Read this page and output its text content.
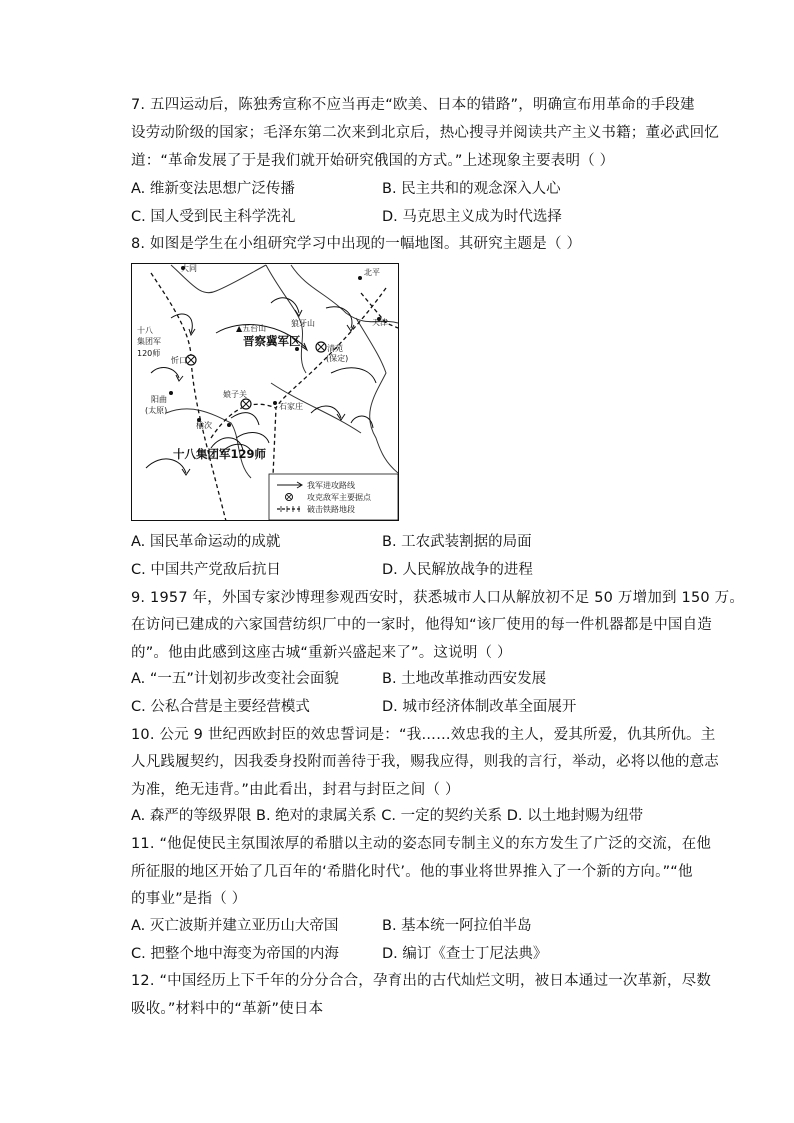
7. 五四运动后，陈独秀宣称不应当再走“欧美、日本的错路”，明确宣布用革命的手段建
设劳动阶级的国家；毛泽东第二次来到北京后，热心搜寻并阅读共产主义书籍；董必武回忆
道：“革命发展了于是我们就开始研究俄国的方式。”上述现象主要表明（ ）
A. 维新变法思想广泛传播	B. 民主共和的观念深入人心
C. 国人受到民主科学洗礼	D. 马克思主义成为时代选择
8. 如图是学生在小组研究学习中出现的一幅地图。其研究主题是（ ）
大同	北平
天津
十八
集团军
120师
忻口
▲五台山
狼牙山
晋察冀军区
清苑
(保定)
阳曲
(太原)
娘子关
石家庄
榆次
十八集团军129师
我军进攻路线
攻克敌军主要据点
破击铁路地段
A. 国民革命运动的成就	B. 工农武装割据的局面
C. 中国共产党敌后抗日	D. 人民解放战争的进程
9. 1957 年，外国专家沙博理参观西安时，获悉城市人口从解放初不足 50 万增加到 150 万。
在访问已建成的六家国营纺织厂中的一家时，他得知“该厂使用的每一件机器都是中国自造
的”。他由此感到这座古城“重新兴盛起来了”。这说明（ ）
A. “一五”计划初步改变社会面貌	B. 土地改革推动西安发展
C. 公私合营是主要经营模式	D. 城市经济体制改革全面展开
10. 公元 9 世纪西欧封臣的效忠誓词是：“我……效忠我的主人，爱其所爱，仇其所仇。主
人凡践履契约，因我委身投附而善待于我，赐我应得，则我的言行，举动，必将以他的意志
为准，绝无违背。”由此看出，封君与封臣之间（ ）
A. 森严的等级界限 B. 绝对的隶属关系 C. 一定的契约关系 D. 以土地封赐为纽带
11. “他促使民主氛围浓厚的希腊以主动的姿态同专制主义的东方发生了广泛的交流，在他
所征服的地区开始了几百年的‘希腊化时代’。他的事业将世界推入了一个新的方向。”“他
的事业”是指（ ）
A. 灭亡波斯并建立亚历山大帝国	B. 基本统一阿拉伯半岛
C. 把整个地中海变为帝国的内海	D. 编订《查士丁尼法典》
12. “中国经历上下千年的分分合合，孕育出的古代灿烂文明，被日本通过一次革新，尽数
吸收。”材料中的“革新”使日本
